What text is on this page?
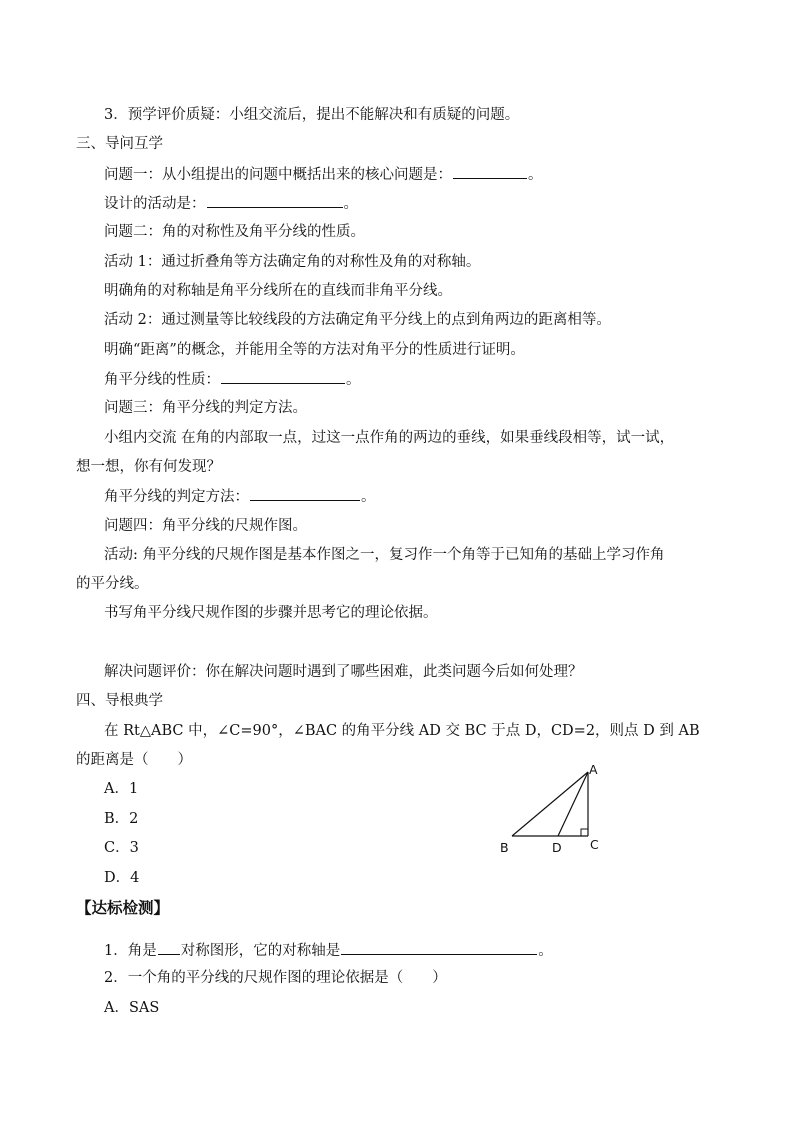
3．预学评价质疑：小组交流后，提出不能解决和有质疑的问题。

三、导问互学

问题一：从小组提出的问题中概括出来的核心问题是：	。

设计的活动是：	。

问题二：角的对称性及角平分线的性质。

活动 1：通过折叠角等方法确定角的对称性及角的对称轴。

明确角的对称轴是角平分线所在的直线而非角平分线。

活动 2：通过测量等比较线段的方法确定角平分线上的点到角两边的距离相等。

明确“距离”的概念，并能用全等的方法对角平分的性质进行证明。

角平分线的性质：	。

问题三：角平分线的判定方法。

小组内交流 在角的内部取一点，过这一点作角的两边的垂线，如果垂线段相等，试一试，

想一想，你有何发现？

角平分线的判定方法：	。

问题四：角平分线的尺规作图。

活动: 角平分线的尺规作图是基本作图之一，复习作一个角等于已知角的基础上学习作角

的平分线。

书写角平分线尺规作图的步骤并思考它的理论依据。

解决问题评价：你在解决问题时遇到了哪些困难，此类问题今后如何处理？

四、导根典学

在 Rt△ABC 中，∠C=90°，∠BAC 的角平分线 AD 交 BC 于点 D，CD=2，则点 D 到 AB

的距离是（　　）

A．1

B．2

C．3

D．4

【达标检测】

1．角是 对称图形，它的对称轴是	。

2．一个角的平分线的尺规作图的理论依据是（　　）

A．SAS

A
B	D C
